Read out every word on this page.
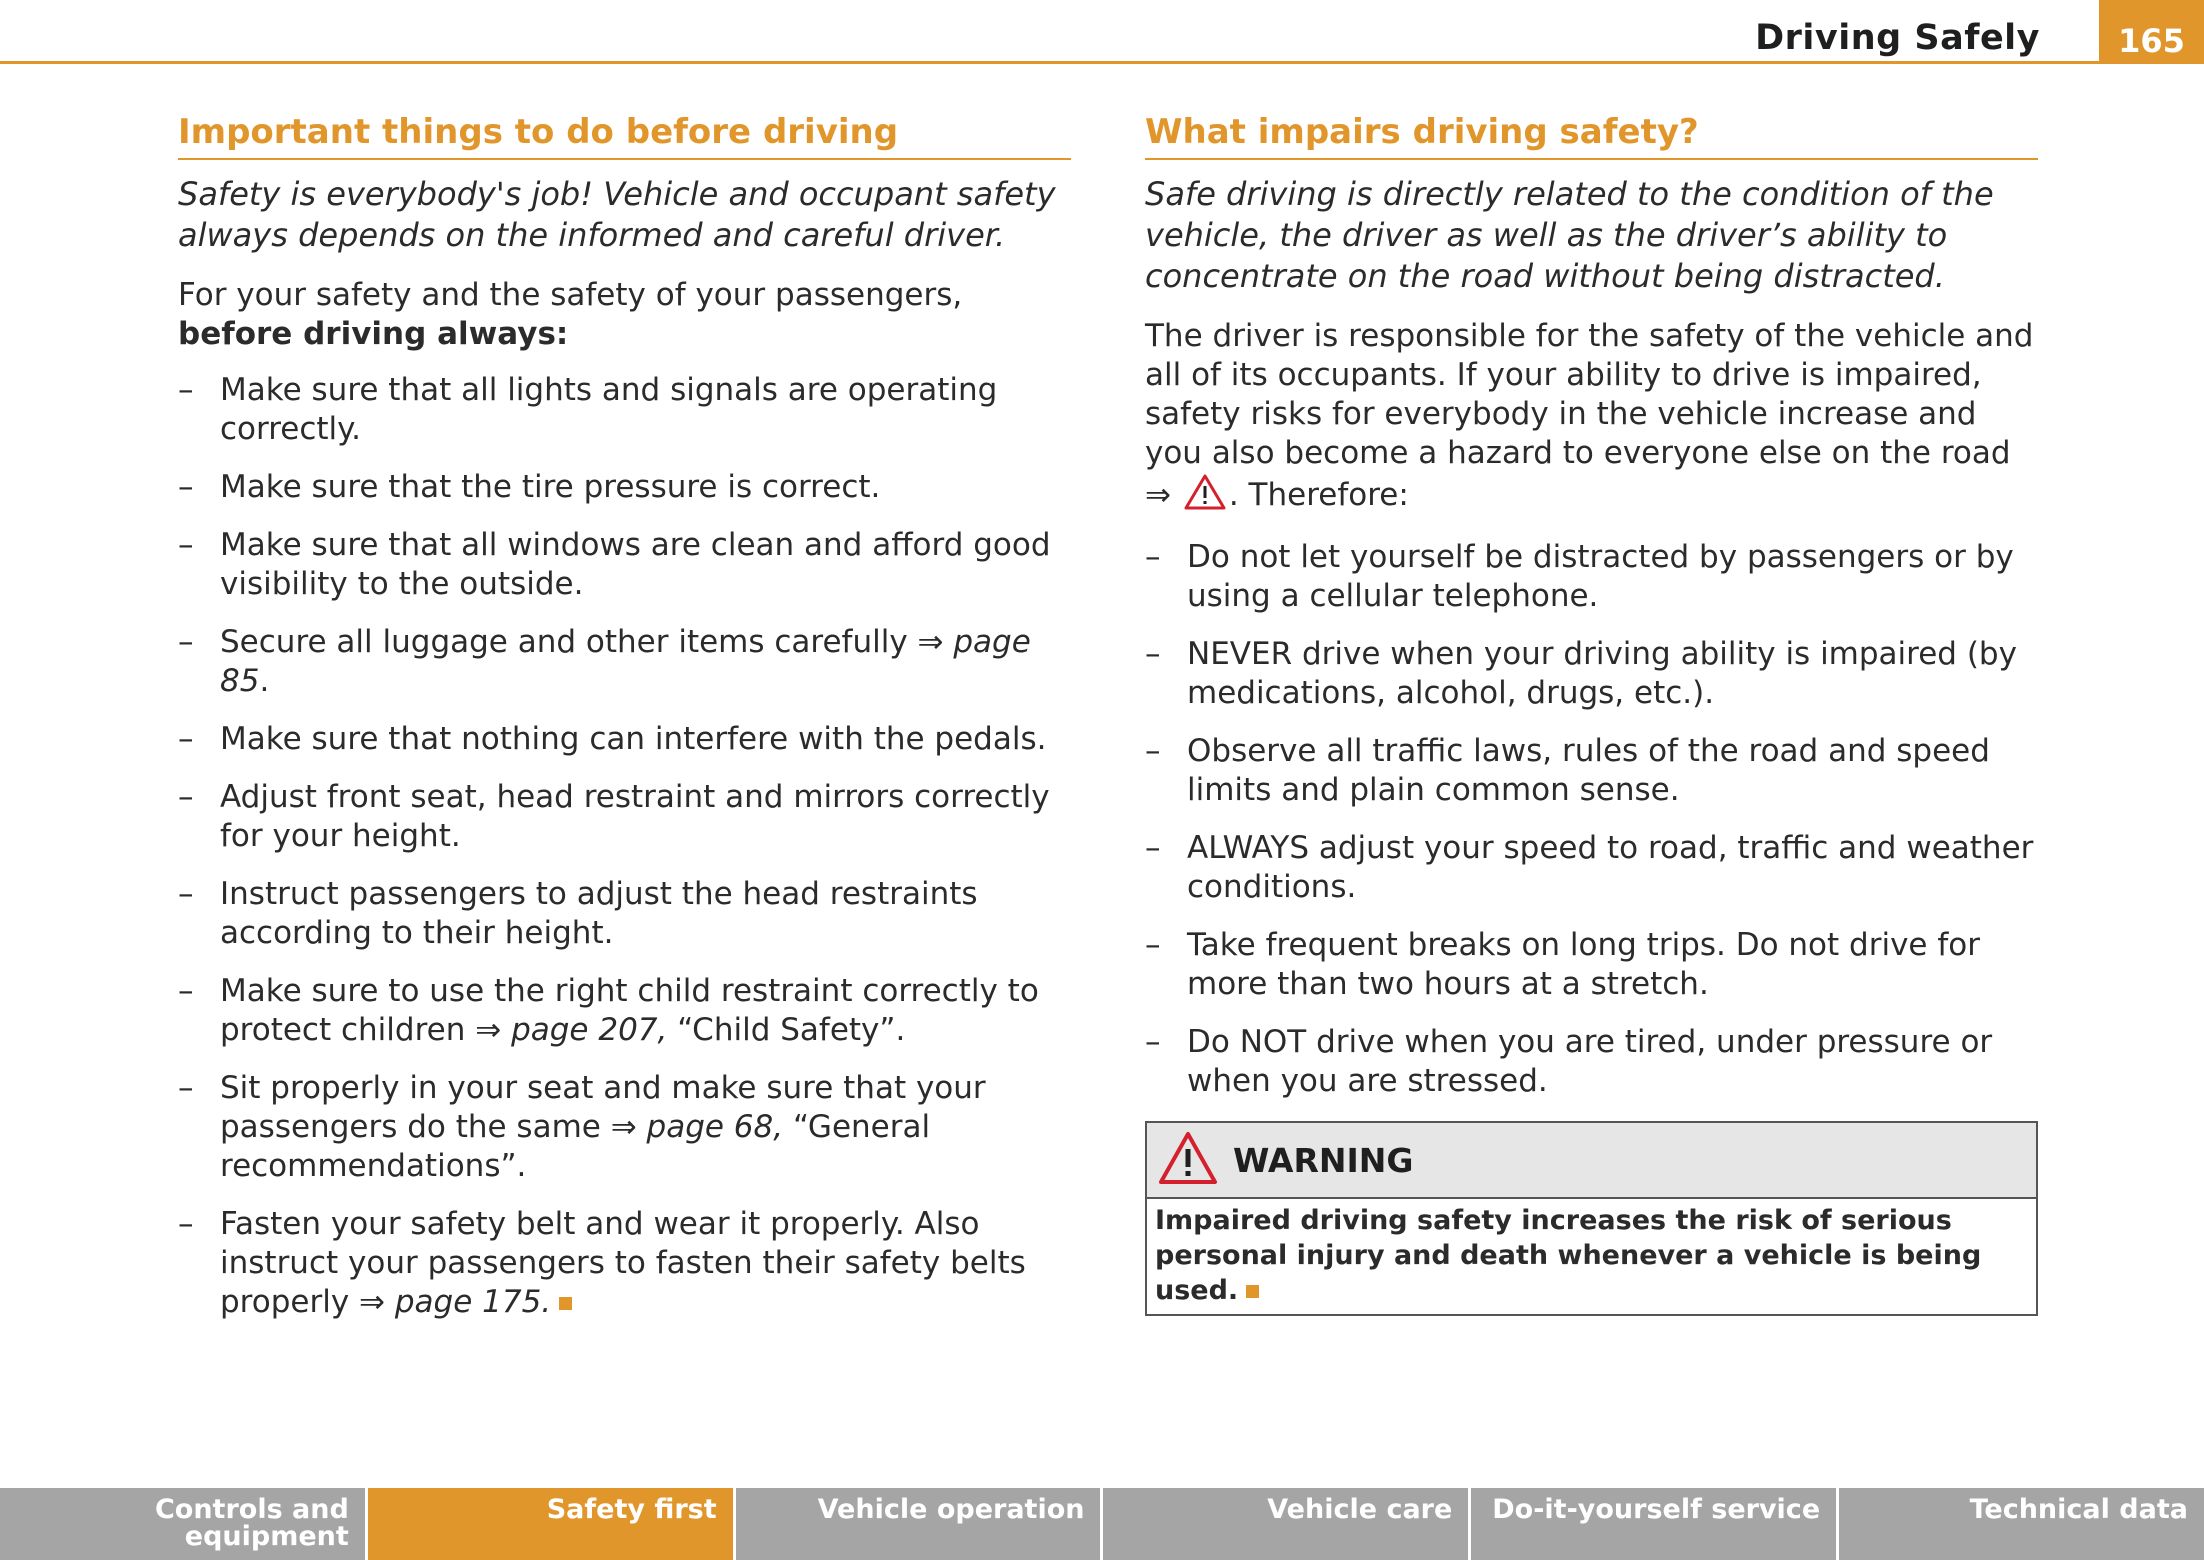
Driving Safely	165
Important things to do before driving

Safety is everybody's job! Vehicle and occupant safety always depends on the informed and careful driver.

For your safety and the safety of your passengers, before driving always:

– Make sure that all lights and signals are operating correctly.
– Make sure that the tire pressure is correct.
– Make sure that all windows are clean and afford good visibility to the outside.
– Secure all luggage and other items carefully ⇒ page 85.
– Make sure that nothing can interfere with the pedals.
– Adjust front seat, head restraint and mirrors correctly for your height.
– Instruct passengers to adjust the head restraints according to their height.
– Make sure to use the right child restraint correctly to protect children ⇒ page 207, “Child Safety”.
– Sit properly in your seat and make sure that your passengers do the same ⇒ page 68, “General recommendations”.
– Fasten your safety belt and wear it properly. Also instruct your passengers to fasten their safety belts properly ⇒ page 175.
What impairs driving safety?

Safe driving is directly related to the condition of the vehicle, the driver as well as the driver’s ability to concentrate on the road without being distracted.

The driver is responsible for the safety of the vehicle and all of its occupants. If your ability to drive is impaired, safety risks for everybody in the vehicle increase and you also become a hazard to everyone else on the road ⇒ . Therefore:

– Do not let yourself be distracted by passengers or by using a cellular telephone.
– NEVER drive when your driving ability is impaired (by medications, alcohol, drugs, etc.).
– Observe all traffic laws, rules of the road and speed limits and plain common sense.
– ALWAYS adjust your speed to road, traffic and weather conditions.
– Take frequent breaks on long trips. Do not drive for more than two hours at a stretch.
– Do NOT drive when you are tired, under pressure or when you are stressed.
WARNING
Impaired driving safety increases the risk of serious personal injury and death whenever a vehicle is being used.
Controls and equipment
Safety first	Vehicle operation	Vehicle care	Do-it-yourself service	Technical data
